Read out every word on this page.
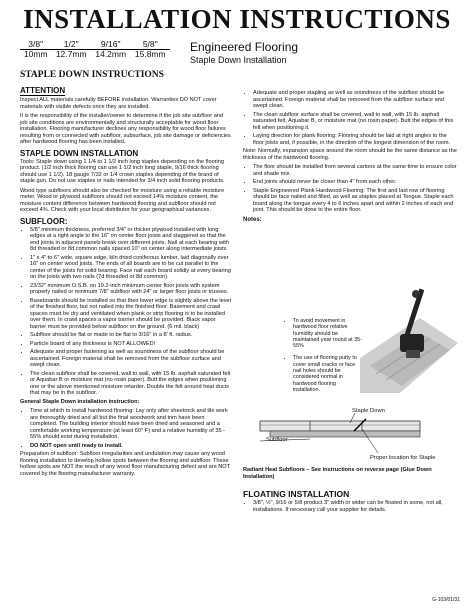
INSTALLATION INSTRUCTIONS
3/8"	1/2"	9/16"	5/8"
10mm	12.7mm	14.2mm	15.8mm Engineered Flooring
Staple Down Installation
STAPLE DOWN INSTRUCTIONS
ATTENTION

Inspect ALL materials carefully BEFORE installation. Warranties DO NOT cover materials with visible defects once they are installed.

It is the responsibility of the installer/owner to determine if the job site subfloor and job site conditions are environmentally and structurally acceptable for wood floor installation. Flooring manufacturer declines any responsibility for wood floor failures resulting from or connected with subfloor, subsurface, job site damage or deficiencies after hardwood flooring has been installed.

STAPLE DOWN INSTALLATION

Tools: Staple down using 1 1/4 to 1 1/2 inch long staples depending on the flooring product. (1/2 inch thick flooring can use 1 1/2 inch long staple, 9/16 thick flooring should use 1 1/2). 18 gauge 7/32 or 1/4 crown staples depending of the brand of staple gun. Do not use staples or nails intended for 3/4 inch solid flooring products.

Wood type subfloors should also be checked for moisture using a reliable moisture meter. Wood or plywood subfloors should not exceed 14% moisture content, the moisture content difference between hardwood flooring and subfloor should not exceed 4%. Check with your local distributor for your geographical variances.

SUBFLOOR:
• 5/8" minimum thickness, preferred 3/4" or thicker plywood installed with long edges at a right angle to the 16" on center floor joists and staggered so that the end joints in adjacent panels break over different joists. Nail at each bearing with 8d threaded or 8d common nails spaced 10" on center along intermediate joists.
• 1" x 4" to 6" wide, square edge, kiln dried coniferous lumber, laid diagonally over 16" on center wood joists. The ends of all boards are to be cut parallel to the center of the joists for solid bearing. Face nail each board solidly at every bearing on the joists with two nails (7d threaded or 8d common).
• 23/32" minimum O.S.B. on 19.2-inch minimum center floor joists with system properly nailed or minimum 7/8" subfloor with 24" or larger floor joists or trusses.
• Baseboards should be installed so that their lower edge is slightly above the level of the finished floor, but not nailed into the finished floor. Basement and crawl spaces must be dry and ventilated when plank or strip flooring is to be installed over them. In crawl spaces a vapor barrier should be provided. Black vapor barrier must be provided below subfloor on the ground. (6 mil. black)
• Subfloor should be flat or made to be flat to 3/16" in a 8' ft. radius.
• Particle board of any thickness is NOT ALLOWED!
• Adequate and proper fastening as well as soundness of the subfloor should be ascertained. Foreign material shall be removed from the subfloor surface and swept clean.
• The clean subfloor shall be covered, wall to wall, with 15 lb. asphalt saturated felt or Aquabar B or moisture mat (no rosin paper). Butt the edges when positioning one or the above mentioned moisture retarder. Double the felt around heat ducts that may be in the subfloor.

General Staple Down installation instruction:

• Time at which to install hardwood flooring: Lay only after sheetrock and tile work are thoroughly dried and all but the final woodwork and trim have been completed. The building interior should have been dried and seasoned and a comfortable working temperature (at least 60° F) and a relative humidity of 35 - 55% should exist during installation.
• DO NOT open until ready to install.

Preparation of subfloor: Subfloor irregularities and undulation may cause any wood flooring installation to develop hollow spots between the flooring and subfloor. These hollow spots are NOT the result of any wood floor manufacturing defect and are NOT covered by the flooring manufacturer warranty.

• Adequate and proper stapling as well as soundness of the subfloor should be ascertained. Foreign material shall be removed from the subfloor surface and swept clean.
• The clean subfloor surface shall be covered, wall to wall, with 15 lb. asphalt saturated felt, Aquabar B, or moisture mat (no rosin paper). Butt the edges of this felt when positioning it.
• Laying direction for plank flooring: Flooring should be laid at right angles to the floor joists and, if possible, in the direction of the longest dimension of the room.

Note: Normally, expansion space around the room should be the same distance as the thickness of the hardwood flooring.

• The floor should be installed from several cartons at the same time to ensure color and shade mix.
• End joints should never be closer than 4" from each other.
• Staple Engineered Plank Hardwood Flooring: The first and last row of flooring should be face nailed and filled, as well as staples placed at Tongue. Staple each board along the tongue every 4 to 6 inches apart and within 2 inches of each end joint. This should be done to the entire floor.
Notes:
• To avoid movement in hardwood floor relative humidity should be maintained year round at 35-55%
• The use of flooring putty to cover small cracks or face nail holes should be considered normal in hardwood flooring installation.
Staple Down
Subfloor
Proper location for Staple
Radiant Heat Subfloors – See instructions on reverse page (Glue Down Installation)
FLOATING INSTALLATION
• 3/8", ½", 9/16 or 5/8 product 3" width or wider can be floated in some, not all, installations. If necessary call your supplier for details.
G-103/01/31
